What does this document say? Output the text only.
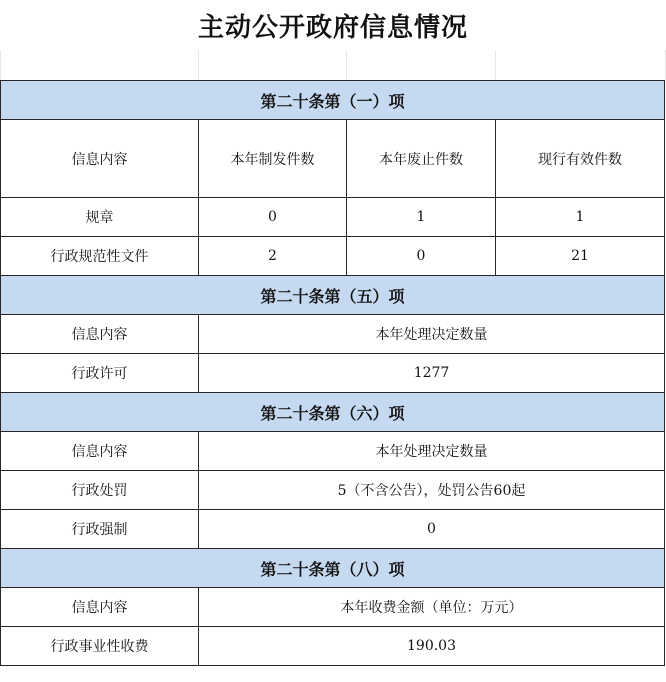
主动公开政府信息情况
第二十条第（一）项			
信息内容	本年制发件数	本年废止件数	现行有效件数
规章	0	1	1
行政规范性文件	2	0	21
第二十条第（五）项			
信息内容	本年处理决定数量		
行政许可	1277		
第二十条第（六）项			
信息内容	本年处理决定数量		
行政处罚	5（不含公告），处罚公告60起		
行政强制	0		
第二十条第（八）项			
信息内容	本年收费金额（单位：万元）		
行政事业性收费	190.03		
